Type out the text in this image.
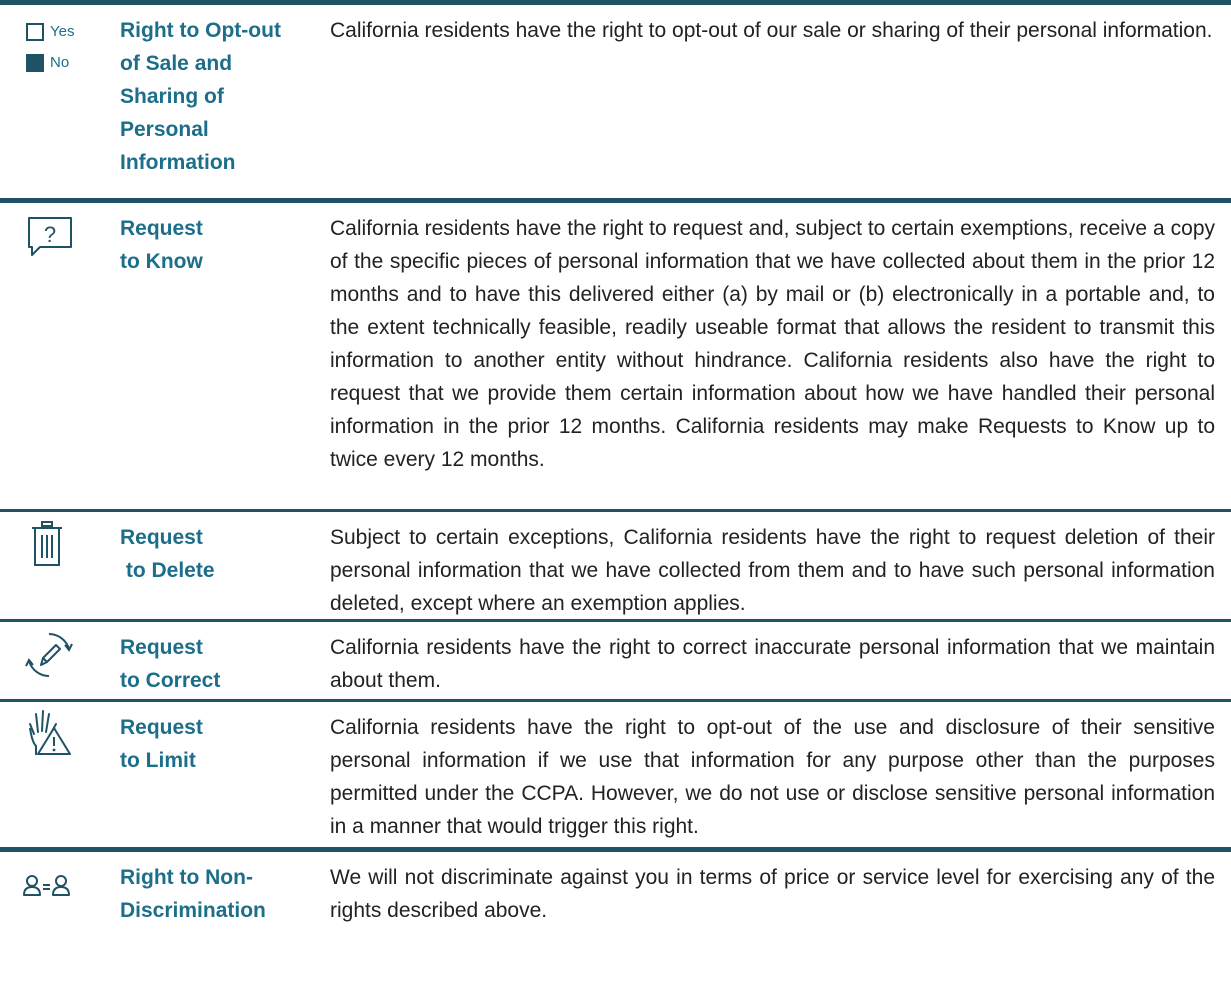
Yes
No
Right to Opt-out
of Sale and
Sharing of
Personal
Information
California residents have the right to opt-out of our sale or sharing of their personal information.
?	Request
to Know
California residents have the right to request and, subject to certain exemptions, receive a copy of the specific pieces of personal information that we have collected about them in the prior 12 months and to have this delivered either (a) by mail or (b) electronically in a portable and, to the extent technically feasible, readily useable format that allows the resident to transmit this information to another entity without hindrance. California residents also have the right to request that we provide them certain information about how we have handled their personal information in the prior 12 months. California residents may make Requests to Know up to twice every 12 months.
Request
to Delete
Subject to certain exceptions, California residents have the right to request deletion of their personal information that we have collected from them and to have such personal information deleted, except where an exemption applies.
Request
to Correct
California residents have the right to correct inaccurate personal information that we maintain about them.
Request
to Limit
California residents have the right to opt-out of the use and disclosure of their sensitive personal information if we use that information for any purpose other than the purposes permitted under the CCPA. However, we do not use or disclose sensitive personal information in a manner that would trigger this right.
Right to Non-
Discrimination
We will not discriminate against you in terms of price or service level for exercising any of the rights described above.
